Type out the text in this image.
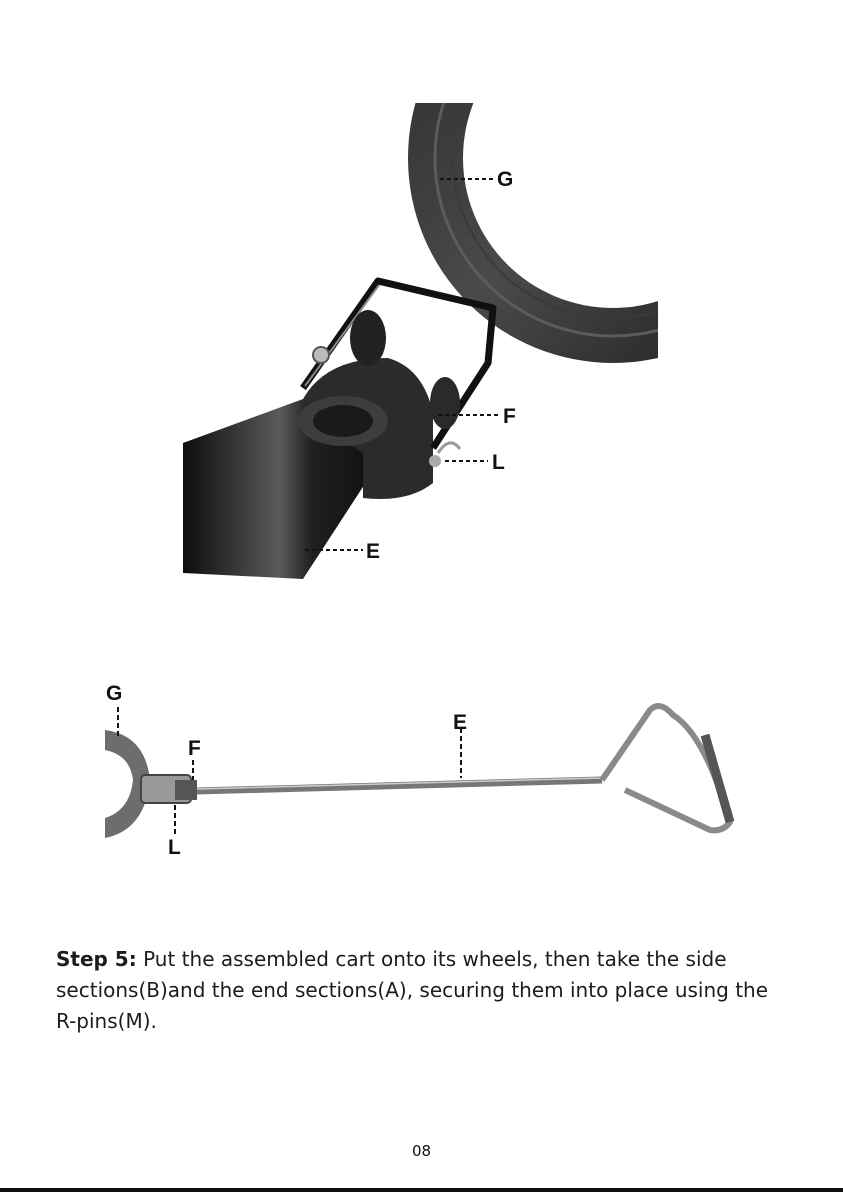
G
F
L
E
G
F
E
L

Step 5: Put the assembled cart onto its wheels, then take the side sections(B)and the end sections(A), securing them into place using the R-pins(M).

08
